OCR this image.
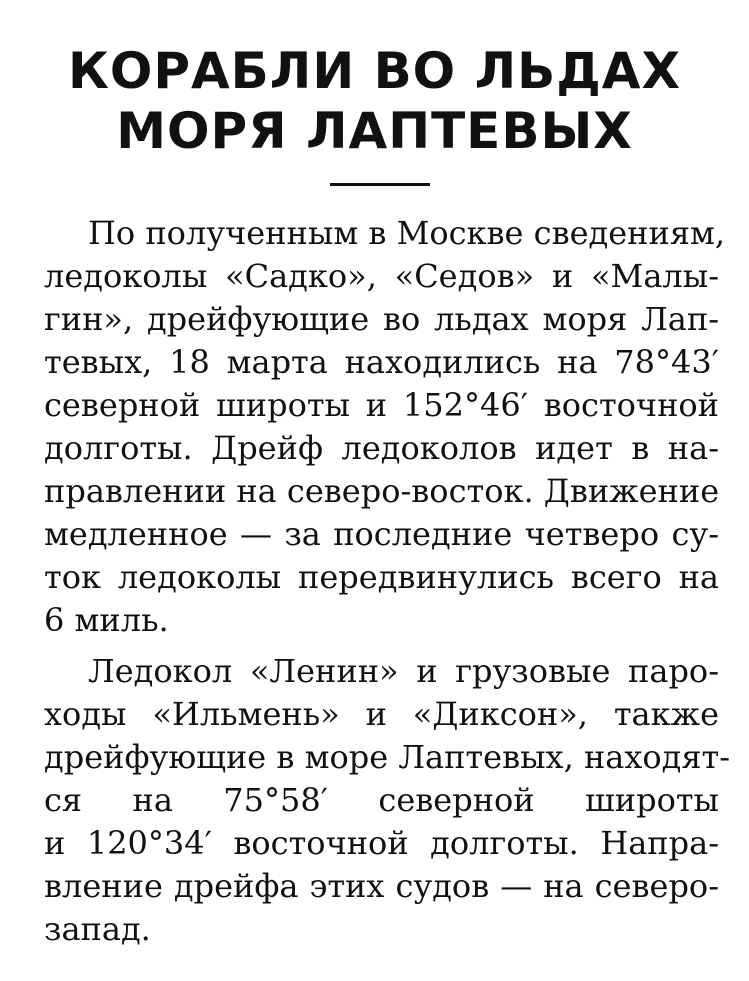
КОРАБЛИ ВО ЛЬДАХ
МОРЯ ЛАПТЕВЫХ
По полученным в Москве сведениям,
ледоколы «Садко», «Седов» и «Малы-
гин», дрейфующие во льдах моря Лап-
тевых, 18 марта находились на 78°43′
северной широты и 152°46′ восточной
долготы. Дрейф ледоколов идет в на-
правлении на северо-восток. Движение
медленное — за последние четверо су-
ток ледоколы передвинулись всего на
6 миль.
Ледокол «Ленин» и грузовые паро-
ходы «Ильмень» и «Диксон», также
дрейфующие в море Лаптевых, находят-
ся на 75°58′ северной широты
и 120°34′ восточной долготы. Напра-
вление дрейфа этих судов — на северо-
запад.
